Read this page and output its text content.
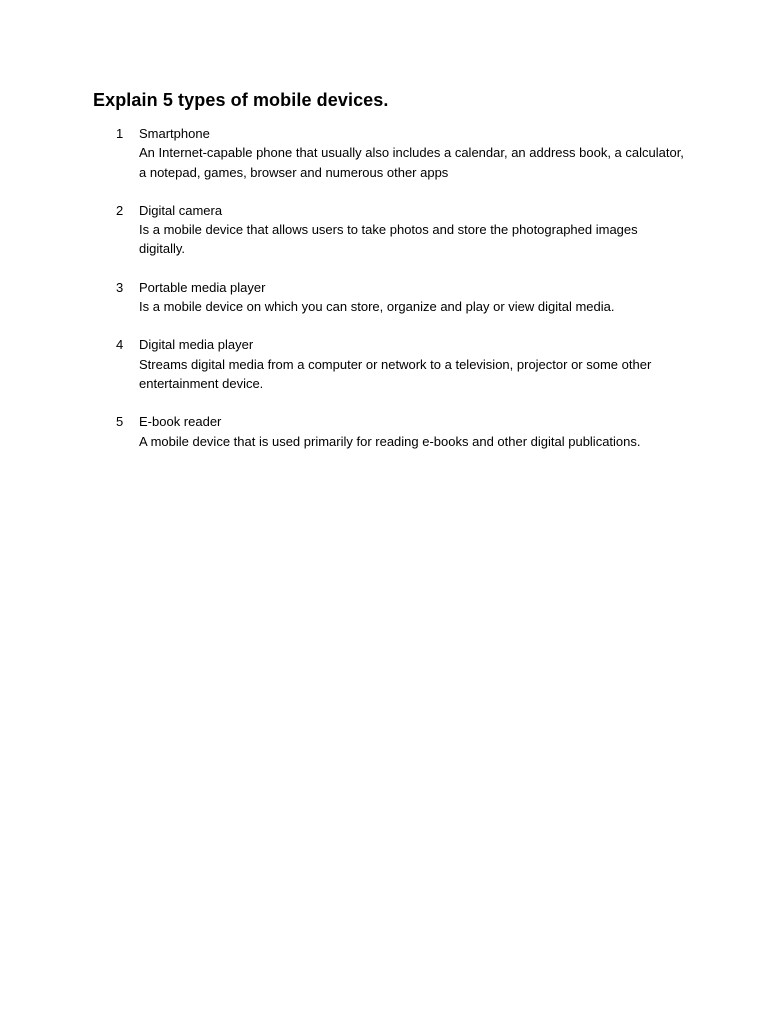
Explain 5 types of mobile devices.
1	Smartphone
An Internet-capable phone that usually also includes a calendar, an address book, a calculator, a notepad, games, browser and numerous other apps
2	Digital camera
Is a mobile device that allows users to take photos and store the photographed images digitally.
3	Portable media player
Is a mobile device on which you can store, organize and play or view digital media.
4	Digital media player
Streams digital media from a computer or network to a television, projector or some other entertainment device.
5	E-book reader
A mobile device that is used primarily for reading e-books and other digital publications.
